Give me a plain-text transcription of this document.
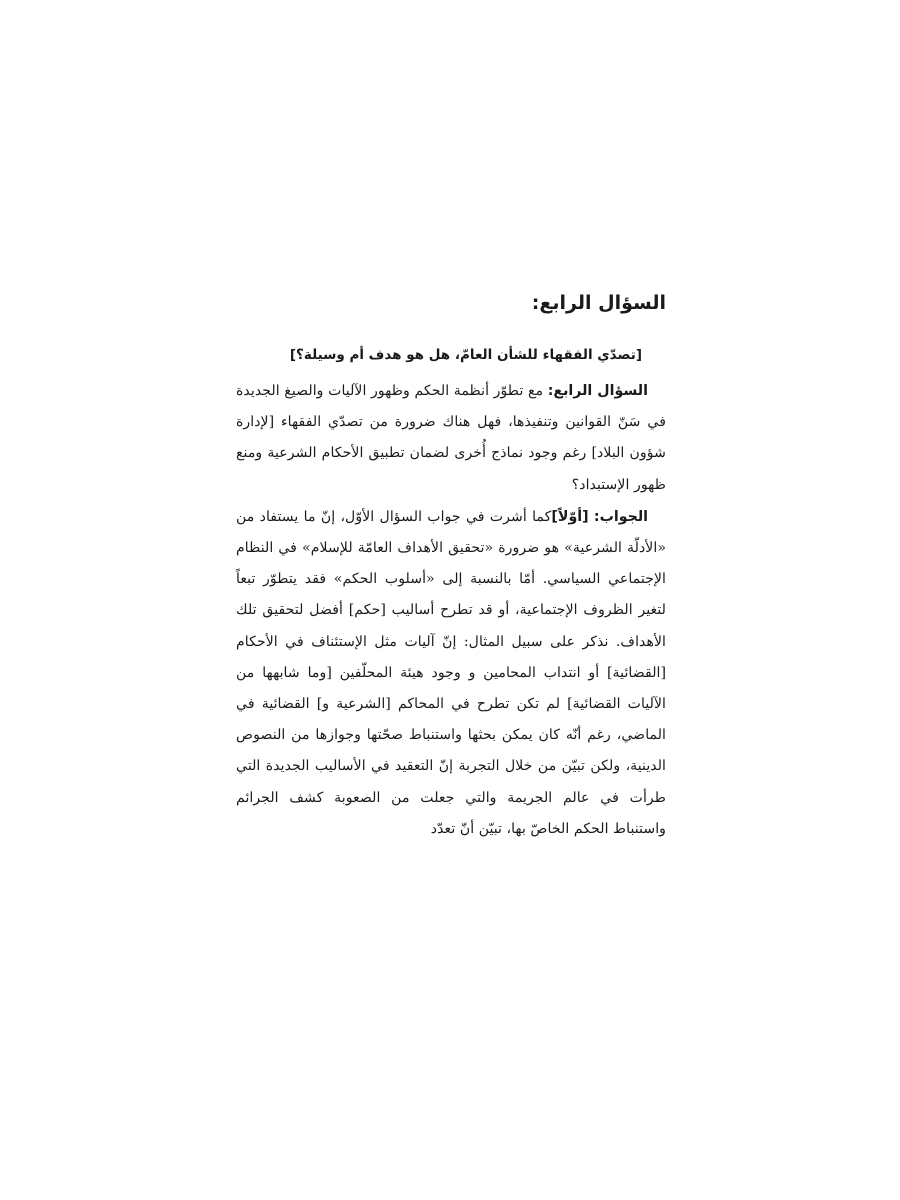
السؤال الرابع:
[تصدّي الفقهاء للشأن العامّ، هل هو هدف أم وسيلة؟]

السؤال الرابع: مع تطوّر أنظمة الحكم وظهور الآليات والصيغ الجديدة في سَنّ القوانين وتنفيذها، فهل هناك ضرورة من تصدّي الفقهاء [لإدارة شؤون البلاد] رغم وجود نماذج أُخرى لضمان تطبيق الأحكام الشرعية ومنع ظهور الإستبداد؟

الجواب: [أوّلاً]كما أشرت في جواب السؤال الأوّل، إنّ ما يستفاد من «الأدلّة الشرعية» هو ضرورة «تحقيق الأهداف العامّة للإسلام» في النظام الإجتماعي السياسي. أمّا بالنسبة إلى «أسلوب الحكم» فقد يتطوّر تبعاً لتغير الظروف الإجتماعية، أو قد تطرح أساليب [حكم] أفضل لتحقيق تلك الأهداف. نذكر على سبيل المثال: إنّ آليات مثل الإستئناف في الأحكام [القضائية] أو انتداب المحامين و وجود هيئة المحلّفين [وما شابهها من الآليات القضائية] لم تكن تطرح في المحاكم [الشرعية و] القضائية في الماضي، رغم أنّه كان يمكن بحثها واستنباط صحّتها وجوازها من النصوص الدينية، ولكن تبيّن من خلال التجربة إنّ التعقيد في الأساليب الجديدة التي طرأت في عالم الجريمة والتي جعلت من الصعوبة كشف الجرائم واستنباط الحكم الخاصّ بها، تبيّن أنّ تعدّد
